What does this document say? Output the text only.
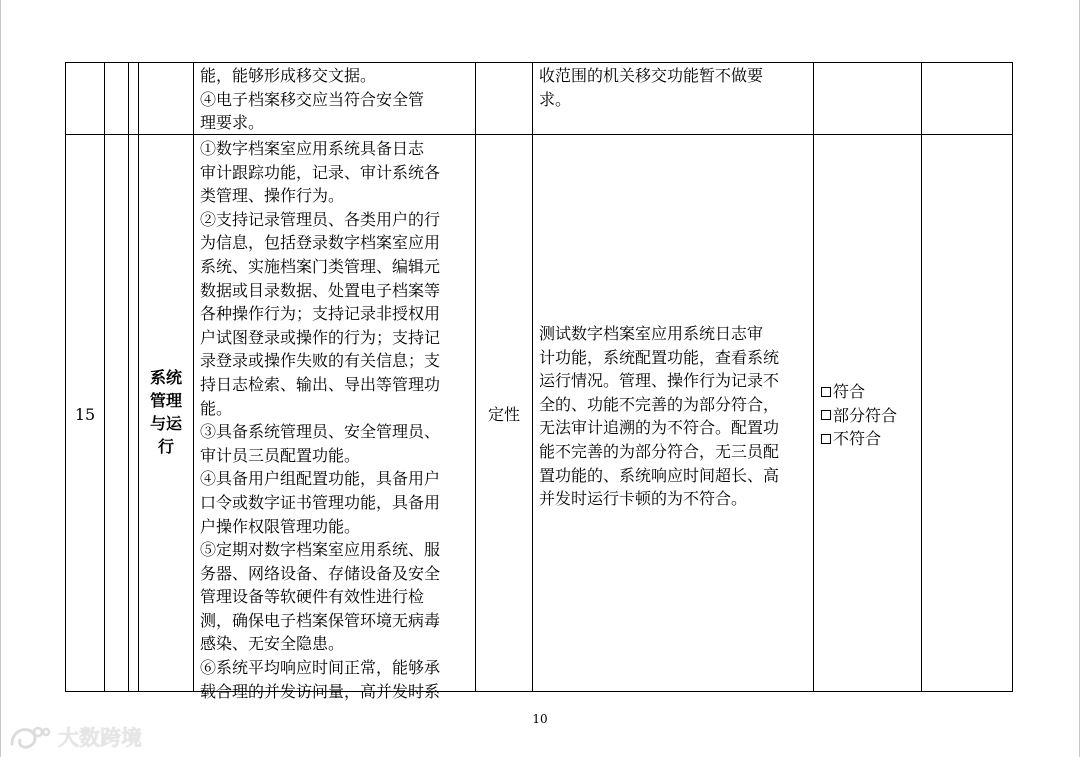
能，能够形成移交文据。
④电子档案移交应当符合安全管
理要求。
收范围的机关移交功能暂不做要
求。
15
系统
管理
与运
行
①数字档案室应用系统具备日志
审计跟踪功能，记录、审计系统各
类管理、操作行为。
②支持记录管理员、各类用户的行
为信息，包括登录数字档案室应用
系统、实施档案门类管理、编辑元
数据或目录数据、处置电子档案等
各种操作行为；支持记录非授权用
户试图登录或操作的行为；支持记
录登录或操作失败的有关信息；支
持日志检索、输出、导出等管理功
能。
③具备系统管理员、安全管理员、
审计员三员配置功能。
④具备用户组配置功能，具备用户
口令或数字证书管理功能，具备用
户操作权限管理功能。
⑤定期对数字档案室应用系统、服
务器、网络设备、存储设备及安全
管理设备等软硬件有效性进行检
测，确保电子档案保管环境无病毒
感染、无安全隐患。
⑥系统平均响应时间正常，能够承
载合理的并发访问量，高并发时系
定性
测试数字档案室应用系统日志审
计功能，系统配置功能，查看系统
运行情况。管理、操作行为记录不
全的、功能不完善的为部分符合，
无法审计追溯的为不符合。配置功
能不完善的为部分符合，无三员配
置功能的、系统响应时间超长、高
并发时运行卡顿的为不符合。
符合
部分符合
不符合
10
大数跨境
